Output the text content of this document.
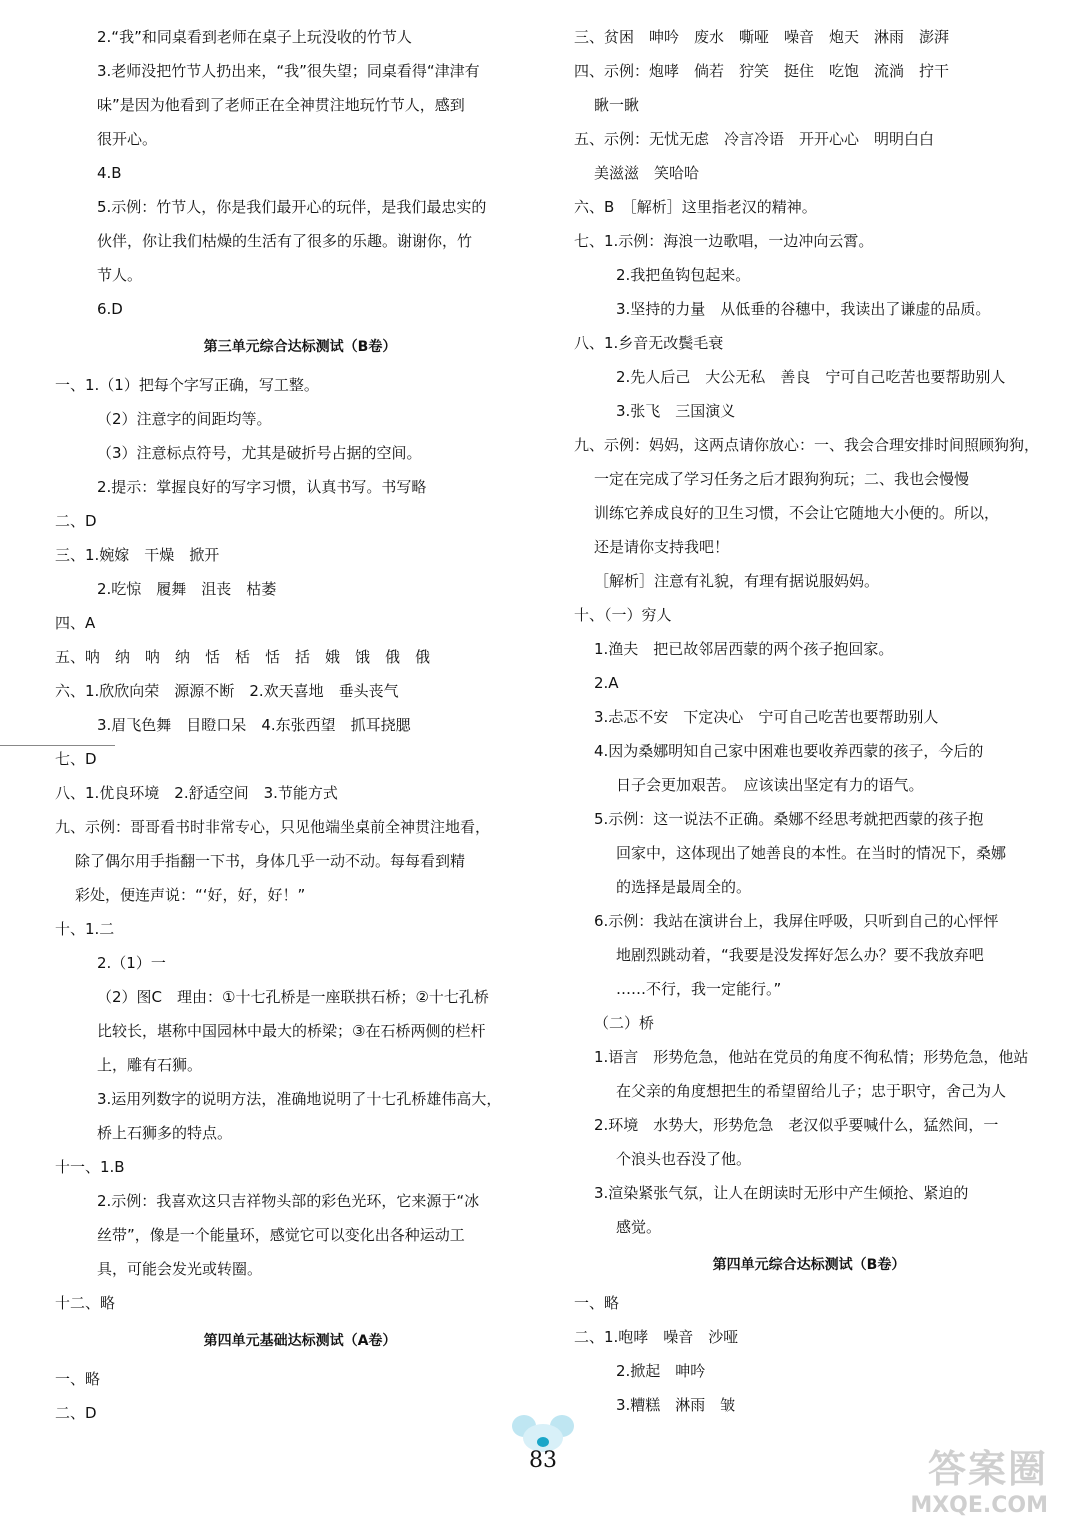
2.“我”和同桌看到老师在桌子上玩没收的竹节人
3.老师没把竹节人扔出来，“我”很失望；同桌看得“津津有
味”是因为他看到了老师正在全神贯注地玩竹节人，感到
很开心。
4.B
5.示例：竹节人，你是我们最开心的玩伴，是我们最忠实的
伙伴，你让我们枯燥的生活有了很多的乐趣。谢谢你，竹
节人。
6.D
第三单元综合达标测试（B卷）
一、1.（1）把每个字写正确，写工整。
（2）注意字的间距均等。
（3）注意标点符号，尤其是破折号占据的空间。
2.提示：掌握良好的写字习惯，认真书写。书写略
二、D
三、1.婉嫁　干燥　掀开
2.吃惊　履舞　沮丧　枯萎
四、A
五、呐　纳　呐　纳　恬　栝　恬　括　娥　饿　俄　俄
六、1.欣欣向荣　源源不断　2.欢天喜地　垂头丧气
3.眉飞色舞　目瞪口呆　4.东张西望　抓耳挠腮
七、D
八、1.优良环境　2.舒适空间　3.节能方式
九、示例：哥哥看书时非常专心，只见他端坐桌前全神贯注地看，
除了偶尔用手指翻一下书，身体几乎一动不动。每每看到精
彩处，便连声说：“‘好，好，好！”
十、1.二
2.（1）一
（2）图C　理由：①十七孔桥是一座联拱石桥；②十七孔桥
比较长，堪称中国园林中最大的桥梁；③在石桥两侧的栏杆
上，雕有石狮。
3.运用列数字的说明方法，准确地说明了十七孔桥雄伟高大，
桥上石狮多的特点。
十一、1.B
2.示例：我喜欢这只吉祥物头部的彩色光环，它来源于“冰
丝带”，像是一个能量环，感觉它可以变化出各种运动工
具，可能会发光或转圈。
十二、略
第四单元基础达标测试（A卷）
一、略
二、D
三、贫困　呻吟　废水　嘶哑　噪音　炮天　淋雨　澎湃
四、示例：炮哮　倘若　狞笑　挺住　吃饱　流淌　拧干
瞅一瞅
五、示例：无忧无虑　冷言冷语　开开心心　明明白白
美滋滋　笑哈哈
六、B　［解析］这里指老汉的精神。
七、1.示例：海浪一边歌唱，一边冲向云霄。
2.我把鱼钩包起来。
3.坚持的力量　从低垂的谷穗中，我读出了谦虚的品质。
八、1.乡音无改鬓毛衰
2.先人后己　大公无私　善良　宁可自己吃苦也要帮助别人
3.张飞　三国演义
九、示例：妈妈，这两点请你放心：一、我会合理安排时间照顾狗狗，
一定在完成了学习任务之后才跟狗狗玩；二、我也会慢慢
训练它养成良好的卫生习惯，不会让它随地大小便的。所以，
还是请你支持我吧！
［解析］注意有礼貌，有理有据说服妈妈。
十、（一）穷人
1.渔夫　把已故邻居西蒙的两个孩子抱回家。
2.A
3.忐忑不安　下定决心　宁可自己吃苦也要帮助别人
4.因为桑娜明知自己家中困难也要收养西蒙的孩子，今后的
日子会更加艰苦。　应该读出坚定有力的语气。
5.示例：这一说法不正确。桑娜不经思考就把西蒙的孩子抱
回家中，这体现出了她善良的本性。在当时的情况下，桑娜
的选择是最周全的。
6.示例：我站在演讲台上，我屏住呼吸，只听到自己的心怦怦
地剧烈跳动着，“我要是没发挥好怎么办？要不我放弃吧
……不行，我一定能行。”
（二）桥
1.语言　形势危急，他站在党员的角度不徇私情；形势危急，他站
在父亲的角度想把生的希望留给儿子；忠于职守，舍己为人
2.环境　水势大，形势危急　老汉似乎要喊什么，猛然间，一
个浪头也吞没了他。
3.渲染紧张气氛，让人在朗读时无形中产生倾抢、紧迫的
感觉。
第四单元综合达标测试（B卷）
一、略
二、1.咆哮　噪音　沙哑
2.掀起　呻吟
3.糟糕　淋雨　皱
83	答案圈
MXQE.COM
